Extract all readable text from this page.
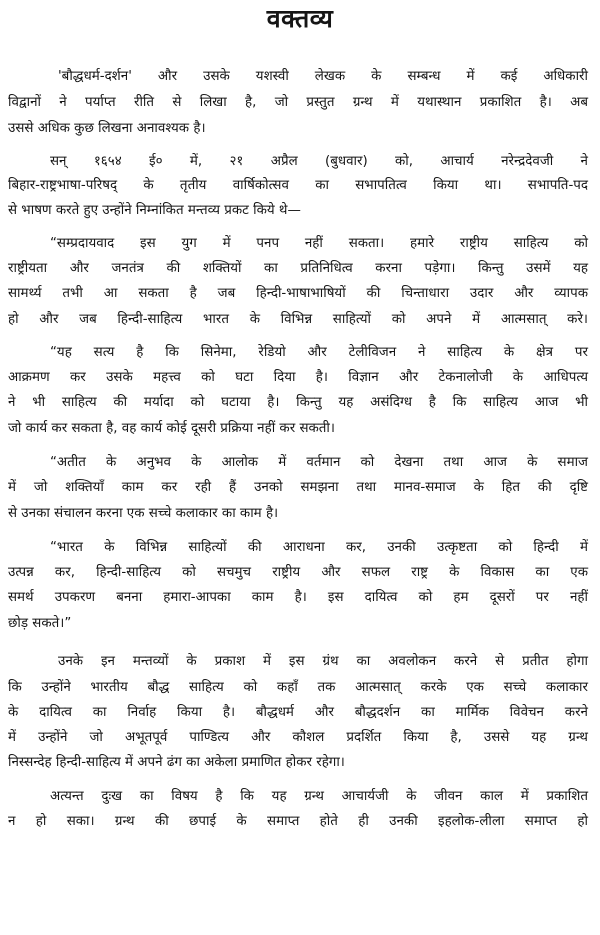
वक्तव्य
'बौद्धधर्म-दर्शन' और उसके यशस्वी लेखक के सम्बन्ध में कई अधिकारी
विद्वानों ने पर्याप्त रीति से लिखा है, जो प्रस्तुत ग्रन्थ में यथास्थान प्रकाशित है। अब
उससे अधिक कुछ लिखना अनावश्यक है।
सन् १६५४ ई० में, २१ अप्रैल (बुधवार) को, आचार्य नरेन्द्रदेवजी ने
बिहार-राष्ट्रभाषा-परिषद् के तृतीय वार्षिकोत्सव का सभापतित्व किया था। सभापति-पद
से भाषण करते हुए उन्होंने निम्नांकित मन्तव्य प्रकट किये थे—
“सम्प्रदायवाद इस युग में पनप नहीं सकता। हमारे राष्ट्रीय साहित्य को
राष्ट्रीयता और जनतंत्र की शक्तियों का प्रतिनिधित्व करना पड़ेगा। किन्तु उसमें यह
सामर्थ्य तभी आ सकता है जब हिन्दी-भाषाभाषियों की चिन्ताधारा उदार और व्यापक
हो और जब हिन्दी-साहित्य भारत के विभिन्न साहित्यों को अपने में आत्मसात् करे।
“यह सत्य है कि सिनेमा, रेडियो और टेलीविजन ने साहित्य के क्षेत्र पर
आक्रमण कर उसके महत्त्व को घटा दिया है। विज्ञान और टेकनालोजी के आधिपत्य
ने भी साहित्य की मर्यादा को घटाया है। किन्तु यह असंदिग्ध है कि साहित्य आज भी
जो कार्य कर सकता है, वह कार्य कोई दूसरी प्रक्रिया नहीं कर सकती।
“अतीत के अनुभव के आलोक में वर्तमान को देखना तथा आज के समाज
में जो शक्तियाँ काम कर रही हैं उनको समझना तथा मानव-समाज के हित की दृष्टि
से उनका संचालन करना एक सच्चे कलाकार का काम है।
“भारत के विभिन्न साहित्यों की आराधना कर, उनकी उत्कृष्टता को हिन्दी में
उत्पन्न कर, हिन्दी-साहित्य को सचमुच राष्ट्रीय और सफल राष्ट्र के विकास का एक
समर्थ उपकरण बनना हमारा-आपका काम है। इस दायित्व को हम दूसरों पर नहीं
छोड़ सकते।”
उनके इन मन्तव्यों के प्रकाश में इस ग्रंथ का अवलोकन करने से प्रतीत होगा
कि उन्होंने भारतीय बौद्ध साहित्य को कहाँ तक आत्मसात् करके एक सच्चे कलाकार
के दायित्व का निर्वाह किया है। बौद्धधर्म और बौद्धदर्शन का मार्मिक विवेचन करने
में उन्होंने जो अभूतपूर्व पाण्डित्य और कौशल प्रदर्शित किया है, उससे यह ग्रन्थ
निस्सन्देह हिन्दी-साहित्य में अपने ढंग का अकेला प्रमाणित होकर रहेगा।
अत्यन्त दुःख का विषय है कि यह ग्रन्थ आचार्यजी के जीवन काल में प्रकाशित
न हो सका। ग्रन्थ की छपाई के समाप्त होते ही उनकी इहलोक-लीला समाप्त हो
